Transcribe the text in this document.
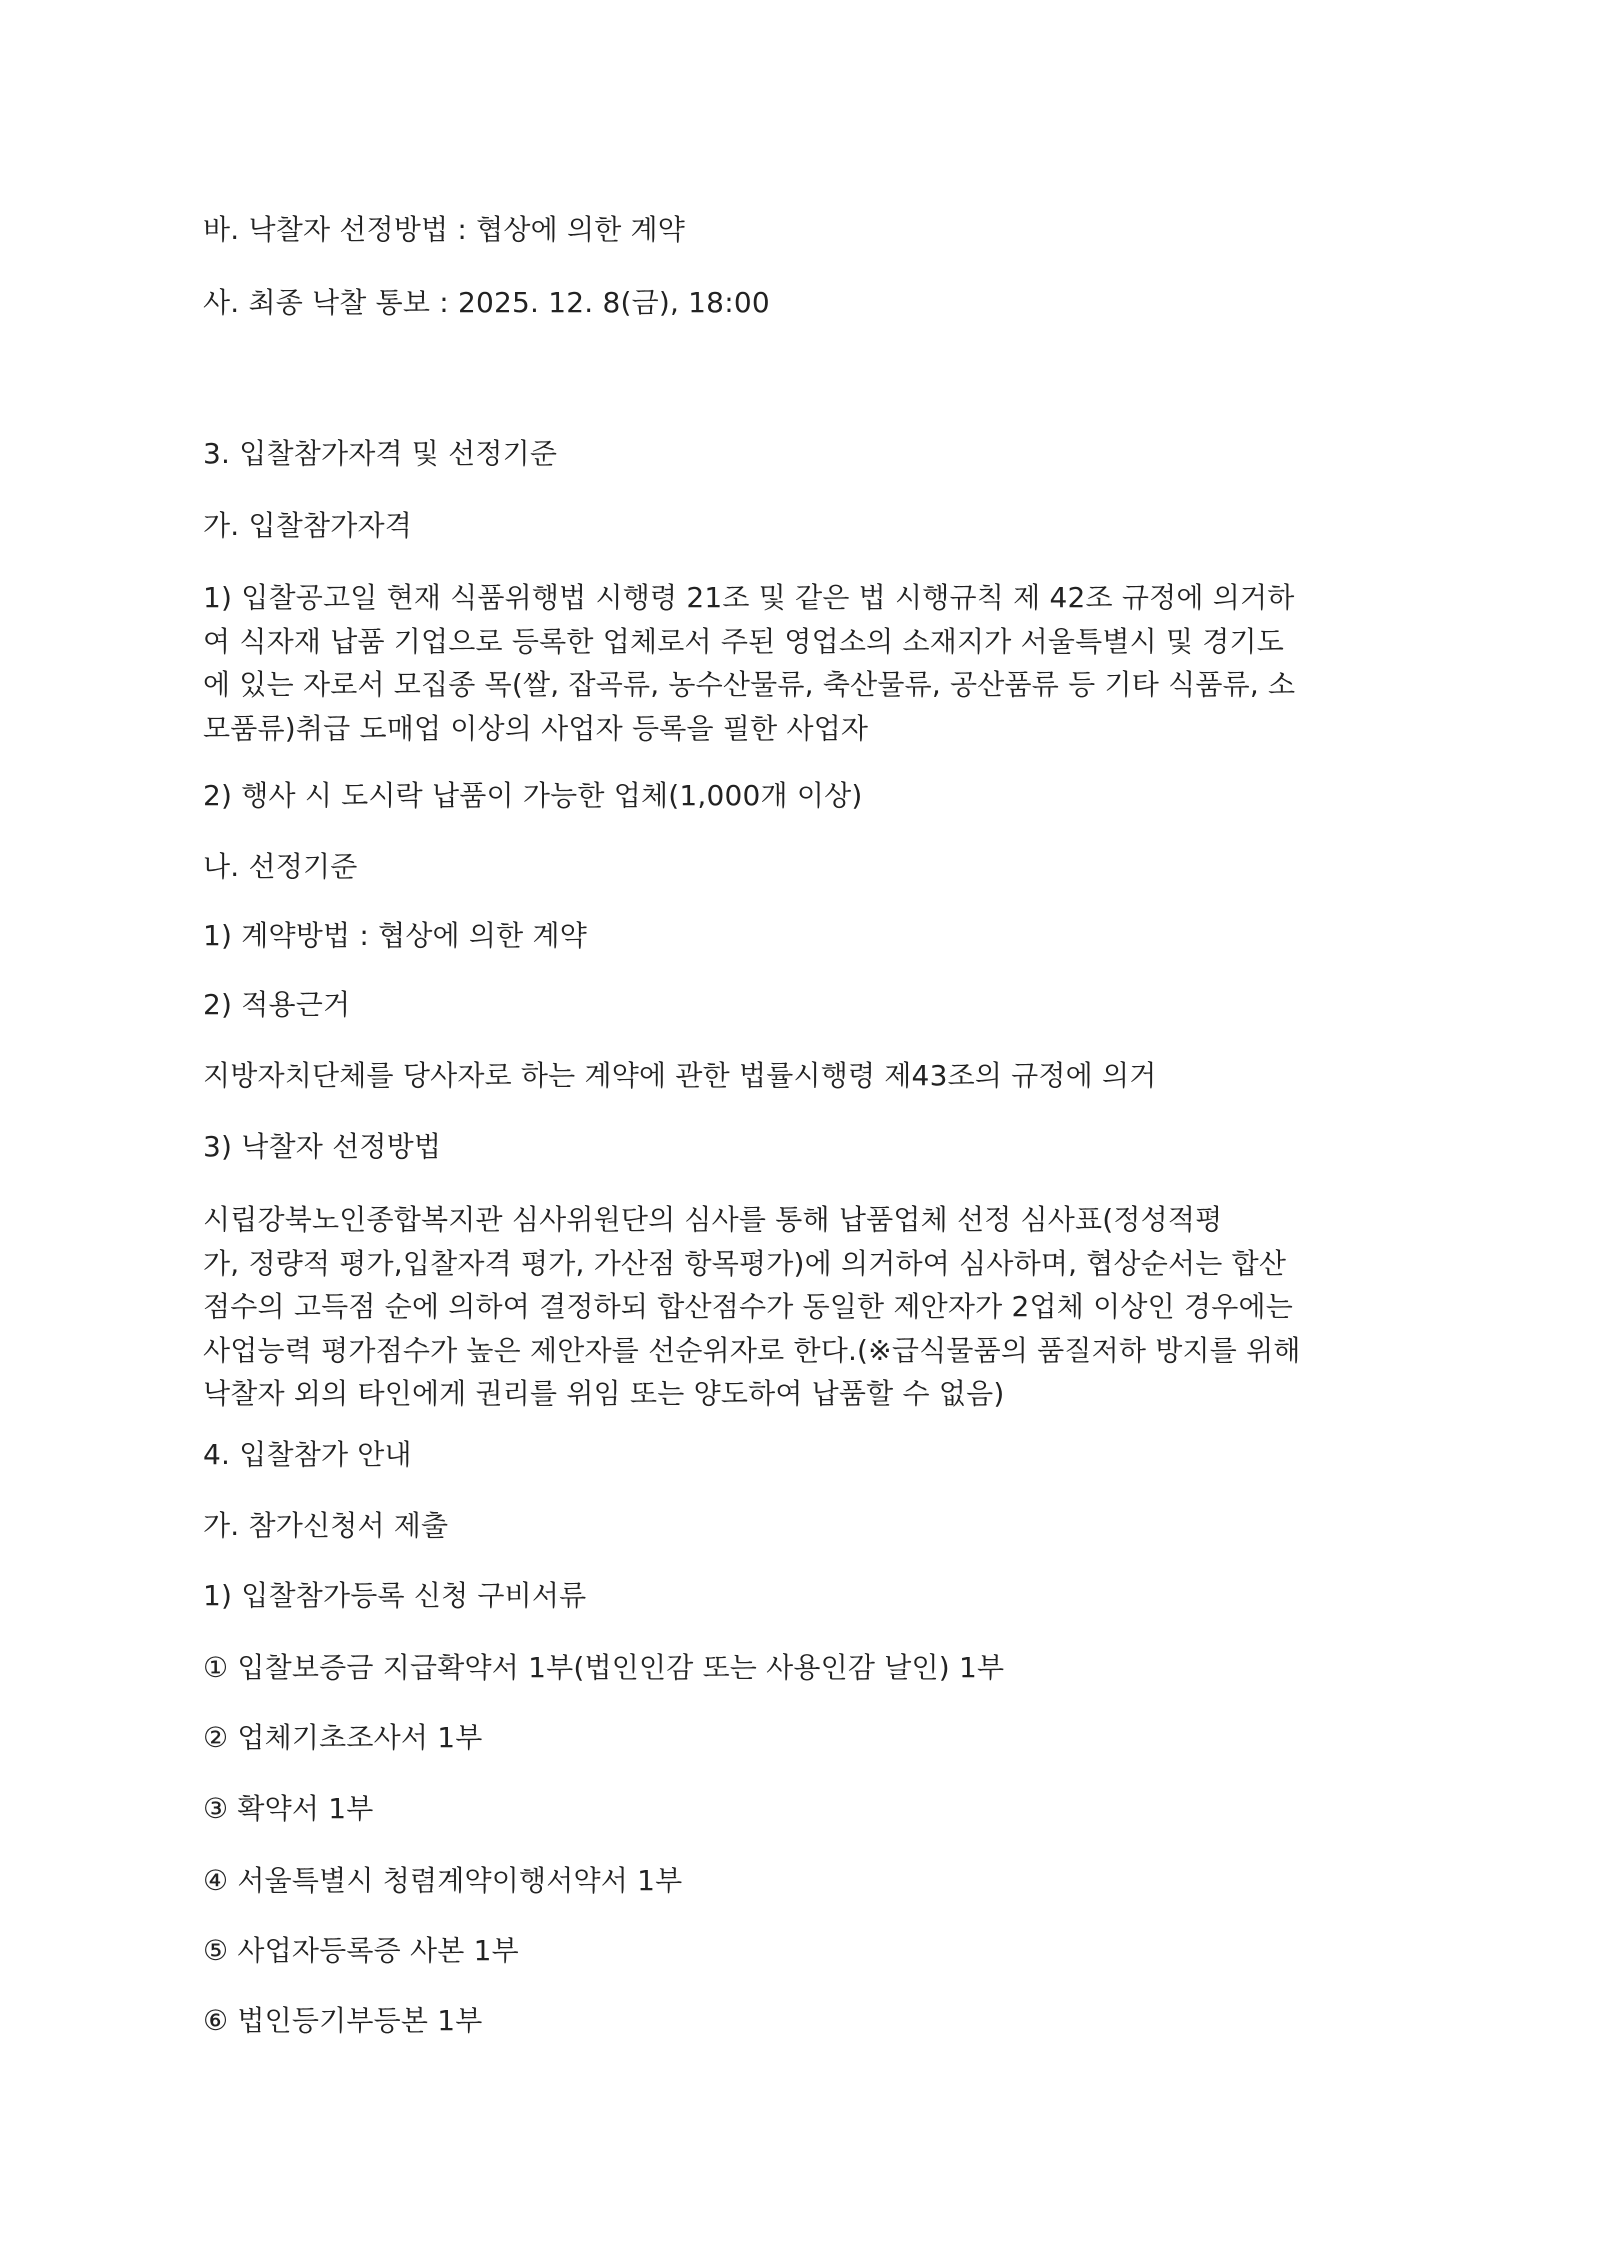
바. 낙찰자 선정방법 : 협상에 의한 계약
사. 최종 낙찰 통보 : 2025. 12. 8(금), 18:00
3. 입찰참가자격 및 선정기준
가. 입찰참가자격
1) 입찰공고일 현재 식품위행법 시행령 21조 및 같은 법 시행규칙 제 42조 규정에 의거하
여 식자재 납품 기업으로 등록한 업체로서 주된 영업소의 소재지가 서울특별시 및 경기도
에 있는 자로서 모집종 목(쌀, 잡곡류, 농수산물류, 축산물류, 공산품류 등 기타 식품류, 소
모품류)취급 도매업 이상의 사업자 등록을 필한 사업자
2) 행사 시 도시락 납품이 가능한 업체(1,000개 이상)
나. 선정기준
1) 계약방법 : 협상에 의한 계약
2) 적용근거
지방자치단체를 당사자로 하는 계약에 관한 법률시행령 제43조의 규정에 의거
3) 낙찰자 선정방법
시립강북노인종합복지관 심사위원단의 심사를 통해 납품업체 선정 심사표(정성적평
가, 정량적 평가,입찰자격 평가, 가산점 항목평가)에 의거하여 심사하며, 협상순서는 합산
점수의 고득점 순에 의하여 결정하되 합산점수가 동일한 제안자가 2업체 이상인 경우에는
사업능력 평가점수가 높은 제안자를 선순위자로 한다.(※급식물품의 품질저하 방지를 위해
낙찰자 외의 타인에게 권리를 위임 또는 양도하여 납품할 수 없음)
4. 입찰참가 안내
가. 참가신청서 제출
1) 입찰참가등록 신청 구비서류
① 입찰보증금 지급확약서 1부(법인인감 또는 사용인감 날인) 1부
② 업체기초조사서 1부
③ 확약서 1부
④ 서울특별시 청렴계약이행서약서 1부
⑤ 사업자등록증 사본 1부
⑥ 법인등기부등본 1부
